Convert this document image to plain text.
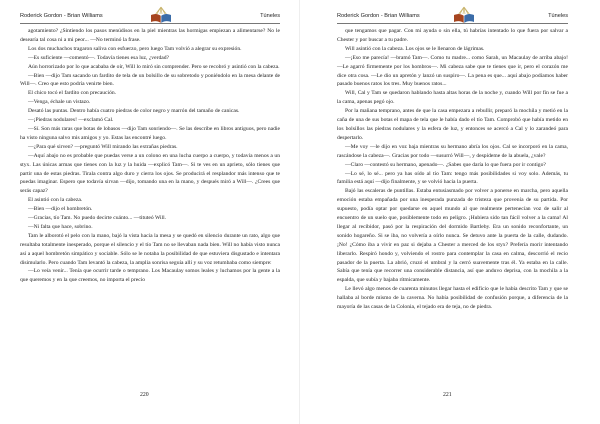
Roderick Gordon - Brian Williams	Túneles

agotamiento? ¿Sintiendo los pasos menúdisos en la piel mientras las hormigas empiezan a alimentarse? No le desearía tal cosa ni a mi peor... —No terminó la frase.

Los dos muchachos tragaron saliva con esfuerzo, pero luego Tam volvió a alegrar su expresión.

—Es suficiente —comentó—. Todavía tienes esa luz, ¿verdad?

Aún horrorizado por lo que acababa de oír, Will lo miró sin comprender. Pero se recobró y asintió con la cabeza.

—Bien —dijo Tam sacando un fardito de tela de un bolsillo de su sobretodo y poniéndolo en la mesa delante de Will—. Creo que esto podría venirte bien.

El chico tocó el fardito con precaución.

—Venga, échale un vistazo.

Desató las puntas. Dentro había cuatro piedras de color negro y marrón del tamaño de canicas.

—¡Piedras nodulares! —exclamó Cal.

—Sí. Son más raras que botas de lobasos —dijo Tam sonriendo—. Se las describe en libros antiguos, pero nadie ha visto ninguna salvo mis amigos y yo. Estas las encontré luego.

—¿Para qué sirven? —preguntó Will mirando las extrañas piedras.

—Aquí abajo no es probable que puedas verse a un colono en una lucha cuerpo a cuerpo, y todavía menos a un styx. Las únicas armas que tienes con la luz y la huida —explicó Tam—. Si te ves en un aprieto, sólo tienes que partir una de estas piedras. Tirala contra algo duro y cierra los ojos. Se producirá el resplandor más intenso que te puedas imaginar. Espero que todavía sirvan —dijo, tomando una en la mano, y después miró a Will—. ¿Crees que serás capaz?

El asintió con la cabeza.

—Bien —dijo el hombretón.

—Gracias, tío Tam. No puedo decirte cuánto... —tituteó Will.

—Ni falta que hace, sobrino.

Tam le alborotó el pelo con la mano, bajó la vista hacia la mesa y se quedó en silencio durante un rato, algo que resultaba totalmente inesperado, porque el silencio y el tío Tam no se llevaban nada bien. Will no había visto nunca así a aquel hombretón simpático y sociable. Sólo se le notaba la posibilidad de que estuviera disgustado e intentara disimularlo. Pero cuando Tam levantó la cabeza, la amplia sonrisa seguía allí y su voz retumbaba como siempre:

—Lo veía venir... Tenía que ocurrir tarde o temprano. Los Macaulay somos leales y luchamos por la gente a la que queremos y en la que creemos, no importa el precio

220
Roderick Gordon - Brian Williams	Túneles

que tengamos que pagar. Con mi ayuda o sin ella, tú habrías intentado lo que fuera por salvar a Chester y por buscar a tu padre.

Will asintió con la cabeza. Los ojos se le llenaron de lágrimas.

—¡Eso me parecía! —bramó Tam—. Como tu madre... como Sarah, un Macaulay de arriba abajo! —Le agarró firmemente por los hombros—. Mi cabeza sabe que te tienes que ir, pero el corazón me dice otra cosa. —Le dio un apretón y lanzó un suspiro—. La pena es que... aquí abajo podíamos haber pasado buenos ratos los tres. Muy buenos ratos...

Will, Cal y Tam se quedaron hablando hasta altas horas de la noche y, cuando Will por fin se fue a la cama, apenas pegó ojo.

Por la mañana temprano, antes de que la casa empezara a rebullir, preparó la mochila y metió en la caña de una de sus botas el mapa de tela que le había dado el tío Tam. Comprobó que había metido en los bolsillos las piedras nodulares y la esfera de luz, y entonces se acercó a Cal y lo zarandeó para despertarlo.

—Me voy —le dijo en voz baja mientras su hermano abría los ojos. Cal se incorporó en la cama, rascándose la cabeza—. Gracias por todo —susurró Will—, y despídeme de la abuela, ¿vale?

—Claro —contestó su hermano, apenado—. ¿Sabes que daría lo que fuera por ir contigo?

—Lo sé, lo sé... pero ya has oído al tío Tam: tengo más posibilidades si voy solo. Además, tu familia está aquí —dijo finalmente, y se volvió hacia la puerta.

Bajó las escaleras de puntillas. Estaba entusiasmado por volver a ponerse en marcha, pero aquella emoción estaba empañada por una inesperada punzada de tristeza que provenía de su partida. Por supuesto, podía optar por quedarse en aquel mundo al que realmente pertenecían voz de salir al encuentro de un suelo que, posiblemente todo en peligro. ¡Hubiera sido tan fácil volver a la cama! Al llegar al recibidor, pasó por la respiración del dormido Bartleby. Era un sonido reconfortante, un sonido hogareño. Si se iba, no volvería a oírlo nunca. Se detuvo ante la puerta de la calle, dudando. ¡No! ¿Cómo iba a vivir en paz si dejaba a Chester a merced de los styx? Prefería morir intentando liberarlo. Respiró hondo y, volviendo el rostro para contemplar la casa en calma, descorrió el recio pasador de la puerta. La abrió, cruzó el umbral y la cerró suavemente tras él. Ya estaba en la calle. Sabía que tenía que recorrer una considerable distancia, así que anduvo deprisa, con la mochila a la espalda, que subía y bajaba rítmicamente.

Le llevó algo menos de cuarenta minutos llegar hasta el edificio que le había descrito Tam y que se hallaba al borde mismo de la caverna. No había posibilidad de confusión porque, a diferencia de la mayoría de las casas de la Colonia, el tejado era de teja, no de piedra.

221
